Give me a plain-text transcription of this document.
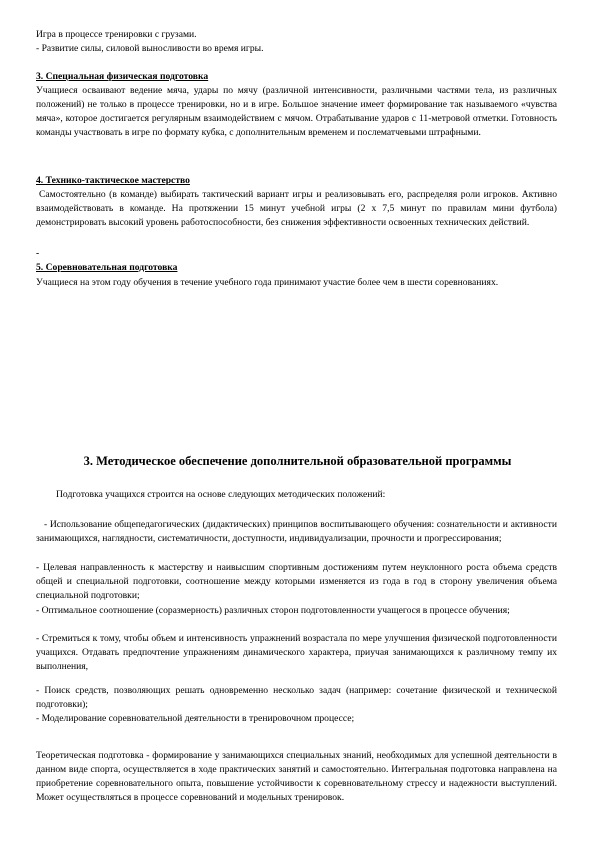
Игра в процессе тренировки с грузами.
- Развитие силы, силовой выносливости во время игры.
3. Специальная физическая подготовка
Учащиеся осваивают ведение мяча, удары по мячу (различной интенсивности, различными частями тела, из различных положений) не только в процессе тренировки, но и в игре. Большое значение имеет формирование так называемого «чувства мяча», которое достигается регулярным взаимодействием с мячом. Отрабатывание ударов с 11-метровой отметки. Готовность команды участвовать в игре по формату кубка, с дополнительным временем и послематчевыми штрафными.
4. Технико-тактическое мастерство
Самостоятельно (в команде) выбирать тактический вариант игры и реализовывать его, распределяя роли игроков. Активно взаимодействовать в команде. На протяжении 15 минут учебной игры (2 х 7,5 минут по правилам мини футбола) демонстрировать высокий уровень работоспособности, без снижения эффективности освоенных технических действий.
-
5. Соревновательная подготовка
Учащиеся на этом году обучения в течение учебного года принимают участие более чем в шести соревнованиях.
3. Методическое обеспечение дополнительной образовательной программы
Подготовка учащихся строится на основе следующих методических положений:
- Использование общепедагогических (дидактических) принципов воспитывающего обучения: сознательности и активности занимающихся, наглядности, систематичности, доступности, индивидуализации, прочности и прогрессирования;
- Целевая направленность к мастерству и наивысшим спортивным достижениям путем неуклонного роста объема средств общей и специальной подготовки, соотношение между которыми изменяется из года в год в сторону увеличения объема специальной подготовки;
- Оптимальное соотношение (соразмерность) различных сторон подготовленности учащегося в процессе обучения;
- Стремиться к тому, чтобы объем и интенсивность упражнений возрастала по мере улучшения физической подготовленности учащихся. Отдавать предпочтение упражнениям динамического характера, приучая занимающихся к различному темпу их выполнения,
- Поиск средств, позволяющих решать одновременно несколько задач (например: сочетание физической и технической подготовки);
- Моделирование соревновательной деятельности в тренировочном процессе;
Теоретическая подготовка - формирование у занимающихся специальных знаний, необходимых для успешной деятельности в данном виде спорта, осуществляется в ходе практических занятий и самостоятельно. Интегральная подготовка направлена на приобретение соревновательного опыта, повышение устойчивости к соревновательному стрессу и надежности выступлений. Может осуществляться в процессе соревнований и модельных тренировок.
